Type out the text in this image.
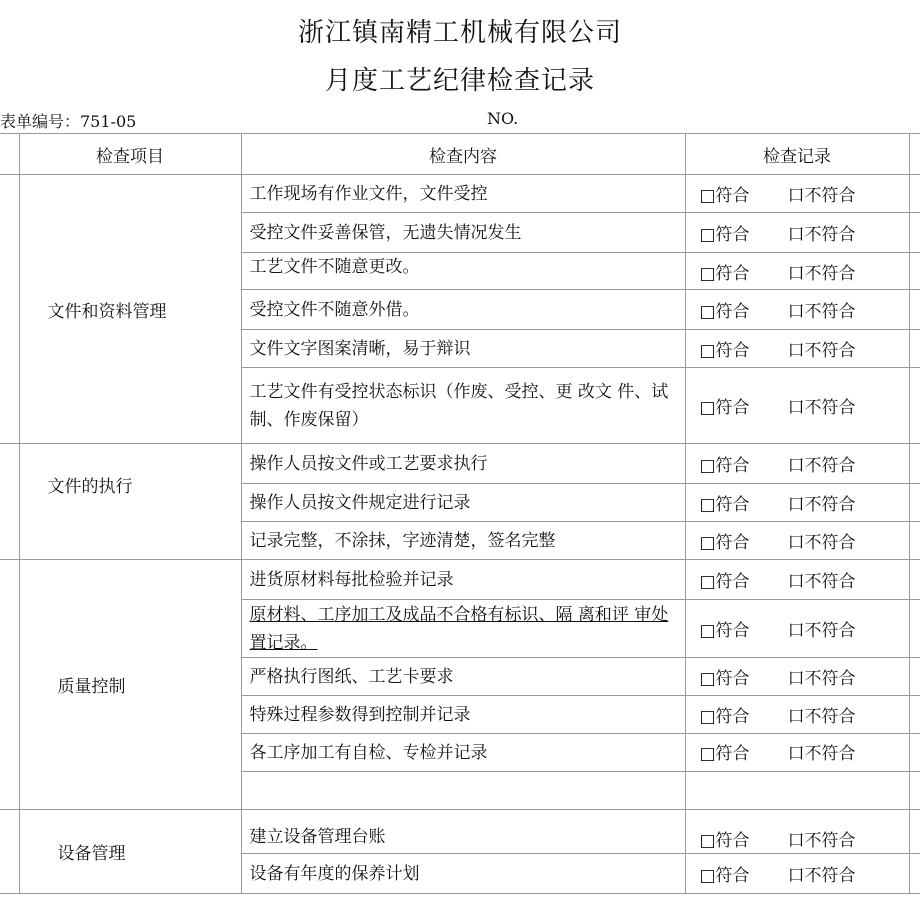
浙江镇南精工机械有限公司
月度工艺纪律检查记录
表单编号：751-05	NO.
	检查项目	检查内容	检查记录	
	文件和资料管理	工作现场有作业文件，文件受控	□符合 口不符合	
		受控文件妥善保管，无遗失情况发生	□符合 口不符合	
		工艺文件不随意更改。	□符合 口不符合	
		受控文件不随意外借。	□符合 口不符合	
		文件文字图案清晰，易于辩识	□符合 口不符合	
		工艺文件有受控状态标识（作废、受控、更 改文 件、试制、作废保留）	□符合 口不符合	
	文件的执行	操作人员按文件或工艺要求执行	□符合 口不符合	
		操作人员按文件规定进行记录	□符合 口不符合	
		记录完整，不涂抹，字迹清楚，签名完整	□符合 口不符合	
	质量控制	进货原材料每批检验并记录	□符合 口不符合	
		原材料、工序加工及成品不合格有标识、隔 离和评 审处置记录。	□符合 口不符合	
		严格执行图纸、工艺卡要求	□符合 口不符合	
		特殊过程参数得到控制并记录	□符合 口不符合	
		各工序加工有自检、专检并记录	□符合 口不符合	

	设备管理	建立设备管理台账	□符合 口不符合	
		设备有年度的保养计划	□符合 口不符合	
